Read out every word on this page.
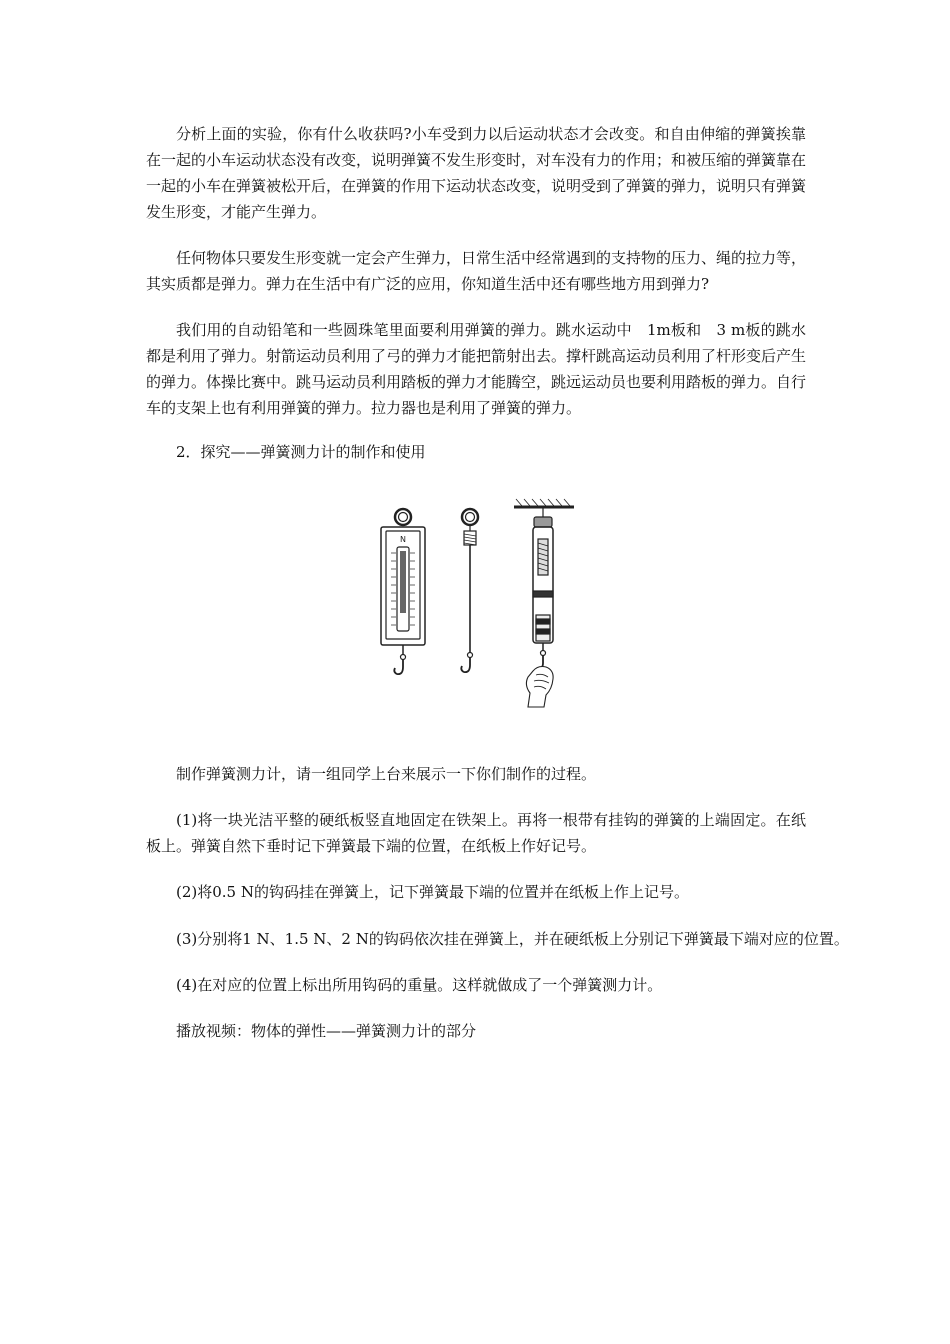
分析上面的实验，你有什么收获吗?小车受到力以后运动状态才会改变。和自由伸缩的弹簧挨靠在一起的小车运动状态没有改变，说明弹簧不发生形变时，对车没有力的作用；和被压缩的弹簧靠在一起的小车在弹簧被松开后，在弹簧的作用下运动状态改变，说明受到了弹簧的弹力，说明只有弹簧发生形变，才能产生弹力。

任何物体只要发生形变就一定会产生弹力，日常生活中经常遇到的支持物的压力、绳的拉力等，其实质都是弹力。弹力在生活中有广泛的应用，你知道生活中还有哪些地方用到弹力?

我们用的自动铅笔和一些圆珠笔里面要利用弹簧的弹力。跳水运动中　1m板和　3 m板的跳水都是利用了弹力。射箭运动员利用了弓的弹力才能把箭射出去。撑杆跳高运动员利用了杆形变后产生的弹力。体操比赛中。跳马运动员利用踏板的弹力才能腾空，跳远运动员也要利用踏板的弹力。自行车的支架上也有利用弹簧的弹力。拉力器也是利用了弹簧的弹力。

2．探究——弹簧测力计的制作和使用

N

制作弹簧测力计，请一组同学上台来展示一下你们制作的过程。

(1)将一块光洁平整的硬纸板竖直地固定在铁架上。再将一根带有挂钩的弹簧的上端固定。在纸板上。弹簧自然下垂时记下弹簧最下端的位置，在纸板上作好记号。

(2)将0.5 N的钩码挂在弹簧上，记下弹簧最下端的位置并在纸板上作上记号。

(3)分别将1 N、1.5 N、2 N的钩码依次挂在弹簧上，并在硬纸板上分别记下弹簧最下端对应的位置。

(4)在对应的位置上标出所用钩码的重量。这样就做成了一个弹簧测力计。

播放视频：物体的弹性——弹簧测力计的部分
